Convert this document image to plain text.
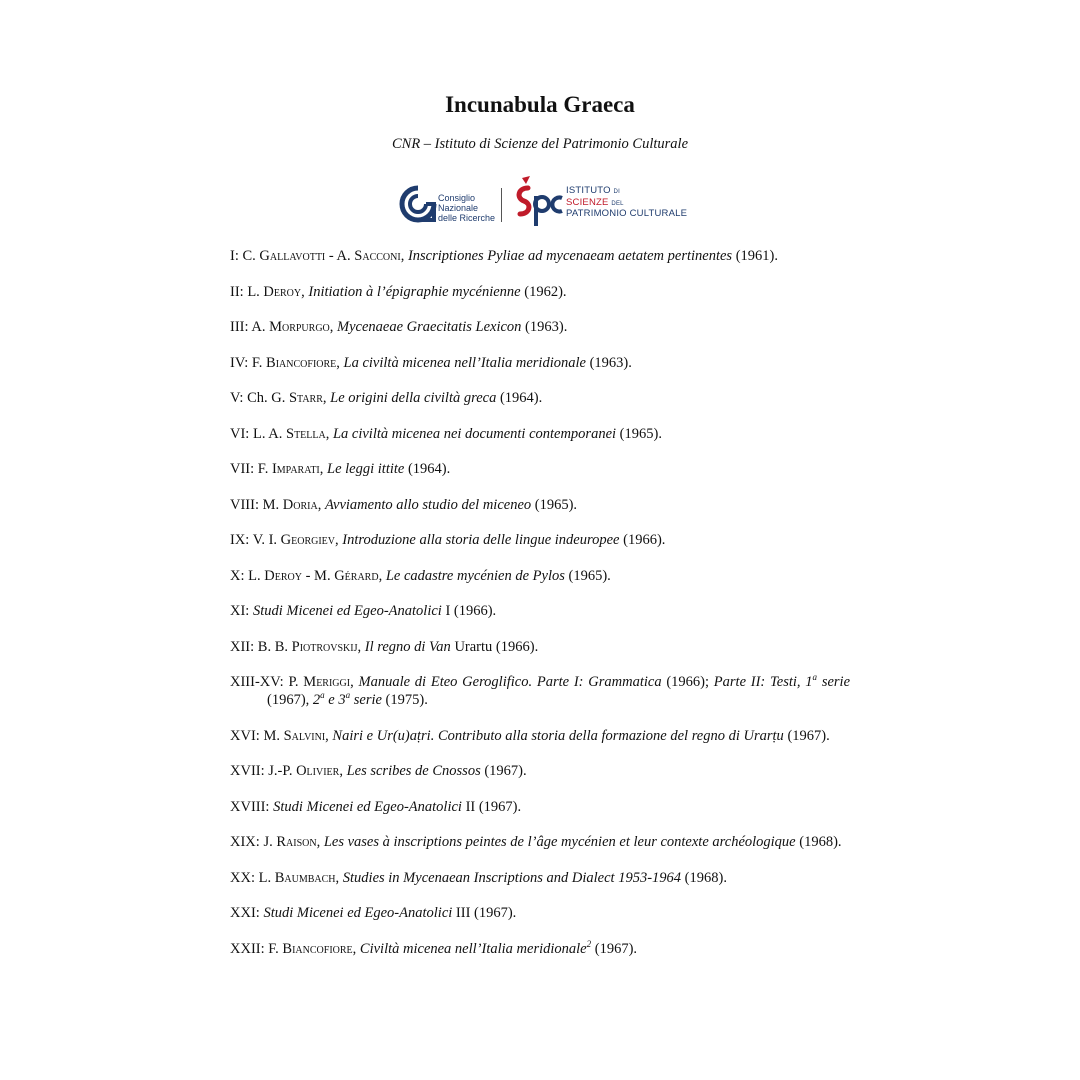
Incunabula Graeca
CNR – Istituto di Scienze del Patrimonio Culturale
Consiglio
Nazionale
delle Ricerche
ISTITUTO DI
SCIENZE DEL
PATRIMONIO CULTURALE
I: C. Gallavotti - A. Sacconi, Inscriptiones Pyliae ad mycenaeam aetatem pertinentes (1961).
II: L. Deroy, Initiation à l’épigraphie mycénienne (1962).
III: A. Morpurgo, Mycenaeae Graecitatis Lexicon (1963).
IV: F. Biancofiore, La civiltà micenea nell’Italia meridionale (1963).
V: Ch. G. Starr, Le origini della civiltà greca (1964).
VI: L. A. Stella, La civiltà micenea nei documenti contemporanei (1965).
VII: F. Imparati, Le leggi ittite (1964).
VIII: M. Doria, Avviamento allo studio del miceneo (1965).
IX: V. I. Georgiev, Introduzione alla storia delle lingue indeuropee (1966).
X: L. Deroy - M. Gérard, Le cadastre mycénien de Pylos (1965).
XI: Studi Micenei ed Egeo-Anatolici I (1966).
XII: B. B. Piotrovskij, Il regno di Van Urartu (1966).
XIII-XV: P. Meriggi, Manuale di Eteo Geroglifico. Parte I: Grammatica (1966); Parte II: Testi, 1$^a$ serie (1967), 2$^a$ e 3$^a$ serie (1975).
XVI: M. Salvini, Nairi e Ur(u)aṭri. Contributo alla storia della formazione del regno di Urarṭu (1967).
XVII: J.-P. Olivier, Les scribes de Cnossos (1967).
XVIII: Studi Micenei ed Egeo-Anatolici II (1967).
XIX: J. Raison, Les vases à inscriptions peintes de l’âge mycénien et leur contexte archéologique (1968).
XX: L. Baumbach, Studies in Mycenaean Inscriptions and Dialect 1953-1964 (1968).
XXI: Studi Micenei ed Egeo-Anatolici III (1967).
XXII: F. Biancofiore, Civiltà micenea nell’Italia meridionale$^2$ (1967).
